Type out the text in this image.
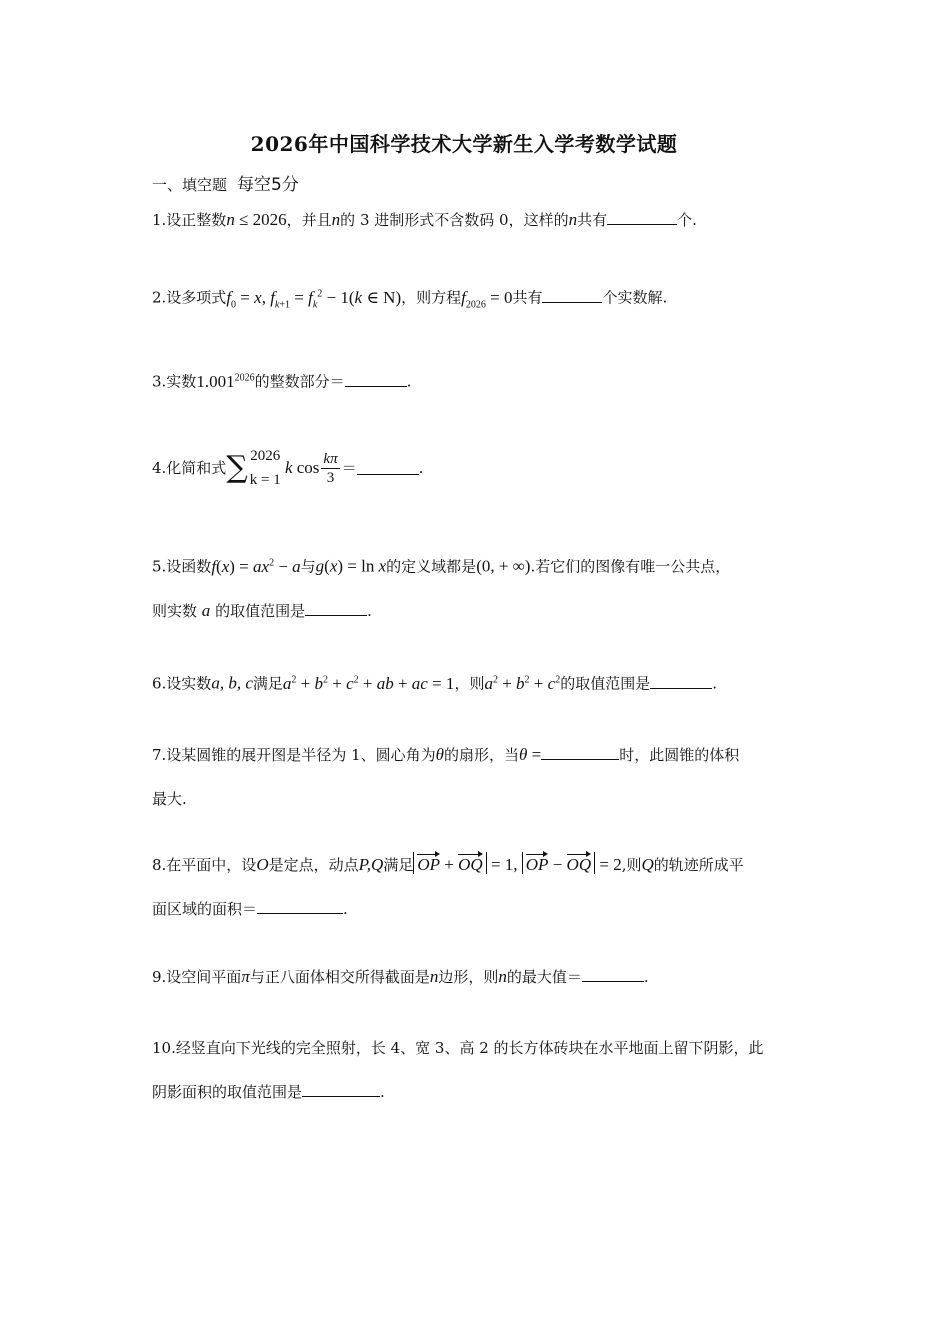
2026年中国科学技术大学新生入学考数学试题
一、填空题 每空5分
1.设正整数n ≤ 2026，并且n的 3 进制形式不含数码 0，这样的n共有	个.
2.设多项式$f_0 = x$, $f_{k+1} = f_k^2 - 1(k$ ∈ N)，则方程$f_{2026} = 0$共有	个实数解.
3.实数$1.001^{2026}$的整数部分＝	.
4.化简和式∑ 2026
k = 1
k $\cos \frac{k\pi}{3}$ ＝	.
5.设函数$f(x) = ax^2 - a$与g(x) = ln x的定义域都是(0, + ∞).若它们的图像有唯一公共点，
则实数 a 的取值范围是	.
6.设实数a, b, c满足$a^2 + b^2 + c^2$ + ab + ac = 1，则$a^2 + b^2 + c^2$的取值范围是	.
7.设某圆锥的展开图是半径为 1、圆心角为θ的扇形，当θ =	时，此圆锥的体积
最大.
8.在平面中，设O是定点，动点P,Q满足 OP + OQ = 1, OP − OQ = 2,则Q的轨迹所成平
面区域的面积＝	.
9.设空间平面π与正八面体相交所得截面是n边形，则n的最大值＝	.
10.经竖直向下光线的完全照射，长 4、宽 3、高 2 的长方体砖块在水平地面上留下阴影，此
阴影面积的取值范围是	.
